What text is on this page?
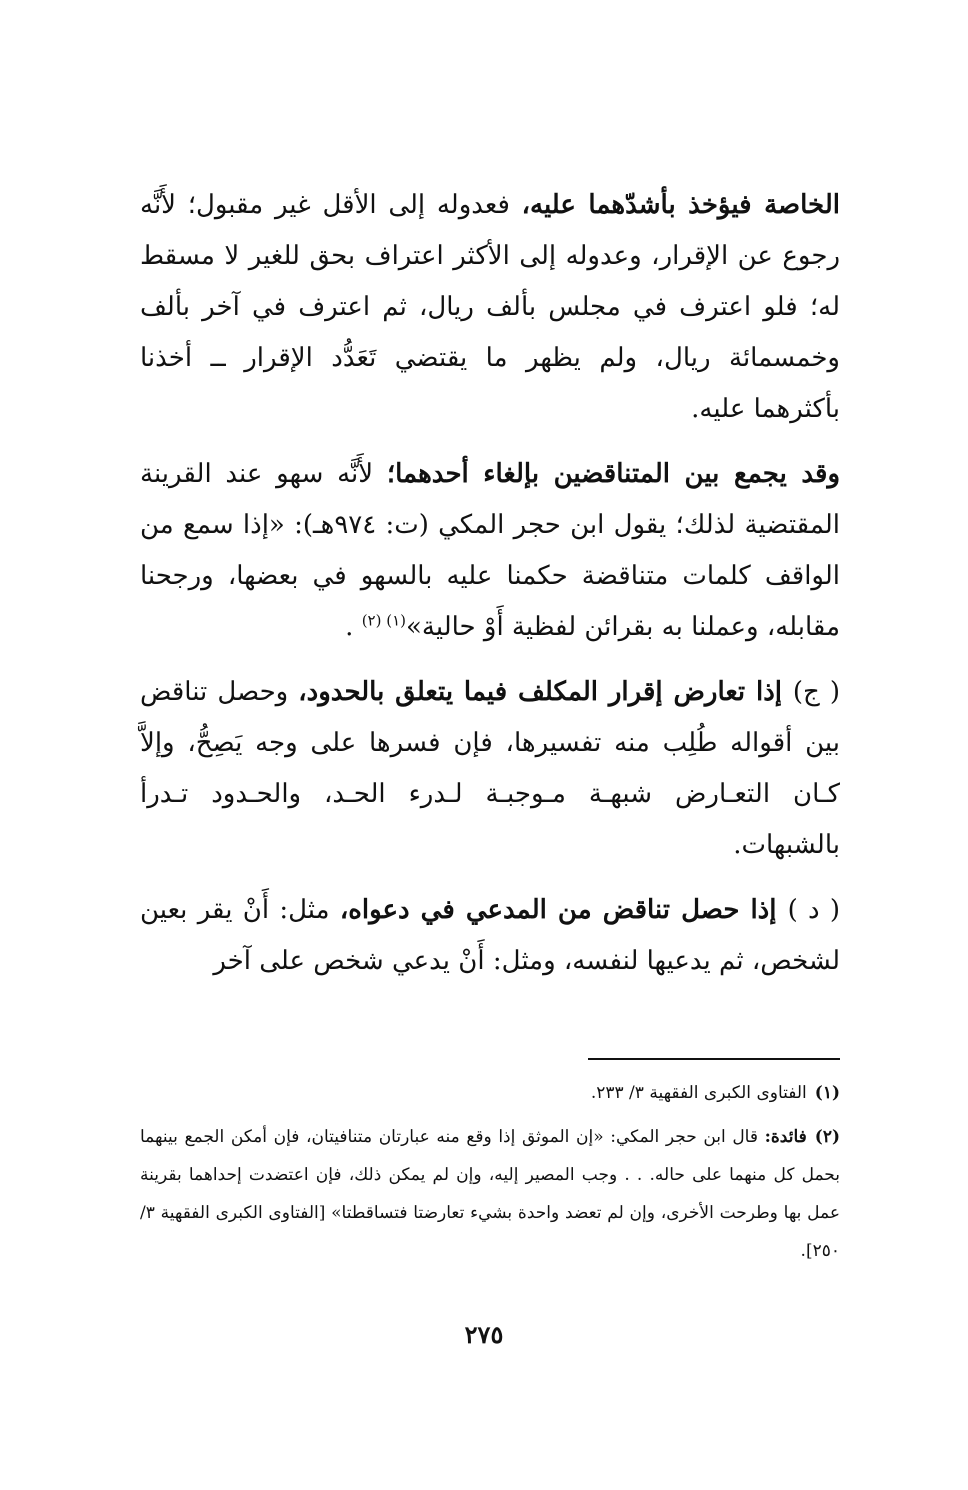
الخاصة فيؤخذ بأشدّهما عليه، فعدوله إلى الأقل غير مقبول؛ لأَنَّه رجوع عن الإقرار، وعدوله إلى الأكثر اعتراف بحق للغير لا مسقط له؛ فلو اعترف في مجلس بألف ريال، ثم اعترف في آخر بألف وخمسمائة ريال، ولم يظهر ما يقتضي تَعَدُّد الإقرار ــ أخذنا بأكثرهما عليه.

وقد يجمع بين المتناقضين بإلغاء أحدهما؛ لأَنَّه سهو عند القرينة المقتضية لذلك؛ يقول ابن حجر المكي (ت: ٩٧٤هـ): «إذا سمع من الواقف كلمات متناقضة حكمنا عليه بالسهو في بعضها، ورجحنا مقابله، وعملنا به بقرائن لفظية أَوْ حالية»$^{(١) (٢)}$ .

( ج) إذا تعارض إقرار المكلف فيما يتعلق بالحدود، وحصل تناقض بين أقواله طُلِب منه تفسيرها، فإن فسرها على وجه يَصِحُّ، وإلاَّ كـان التعـارض شبهـة مـوجبـة لـدرء الحـد، والحـدود تـدرأ بالشبهات.

( د ) إذا حصل تناقض من المدعي في دعواه، مثل: أَنْ يقر بعين لشخص، ثم يدعيها لنفسه، ومثل: أَنْ يدعي شخص على آخر

(١)الفتاوى الكبرى الفقهية ٣/ ٢٣٣.

(٢)فائدة: قال ابن حجر المكي: «إن الموثق إذا وقع منه عبارتان متنافيتان، فإن أمكن الجمع بينهما بحمل كل منهما على حاله. . . وجب المصير إليه، وإن لم يمكن ذلك، فإن اعتضدت إحداهما بقرينة عمل بها وطرحت الأخرى، وإن لم تعضد واحدة بشيء تعارضتا فتساقطتا» [الفتاوى الكبرى الفقهية ٣/ ٢٥٠].

٢٧٥
